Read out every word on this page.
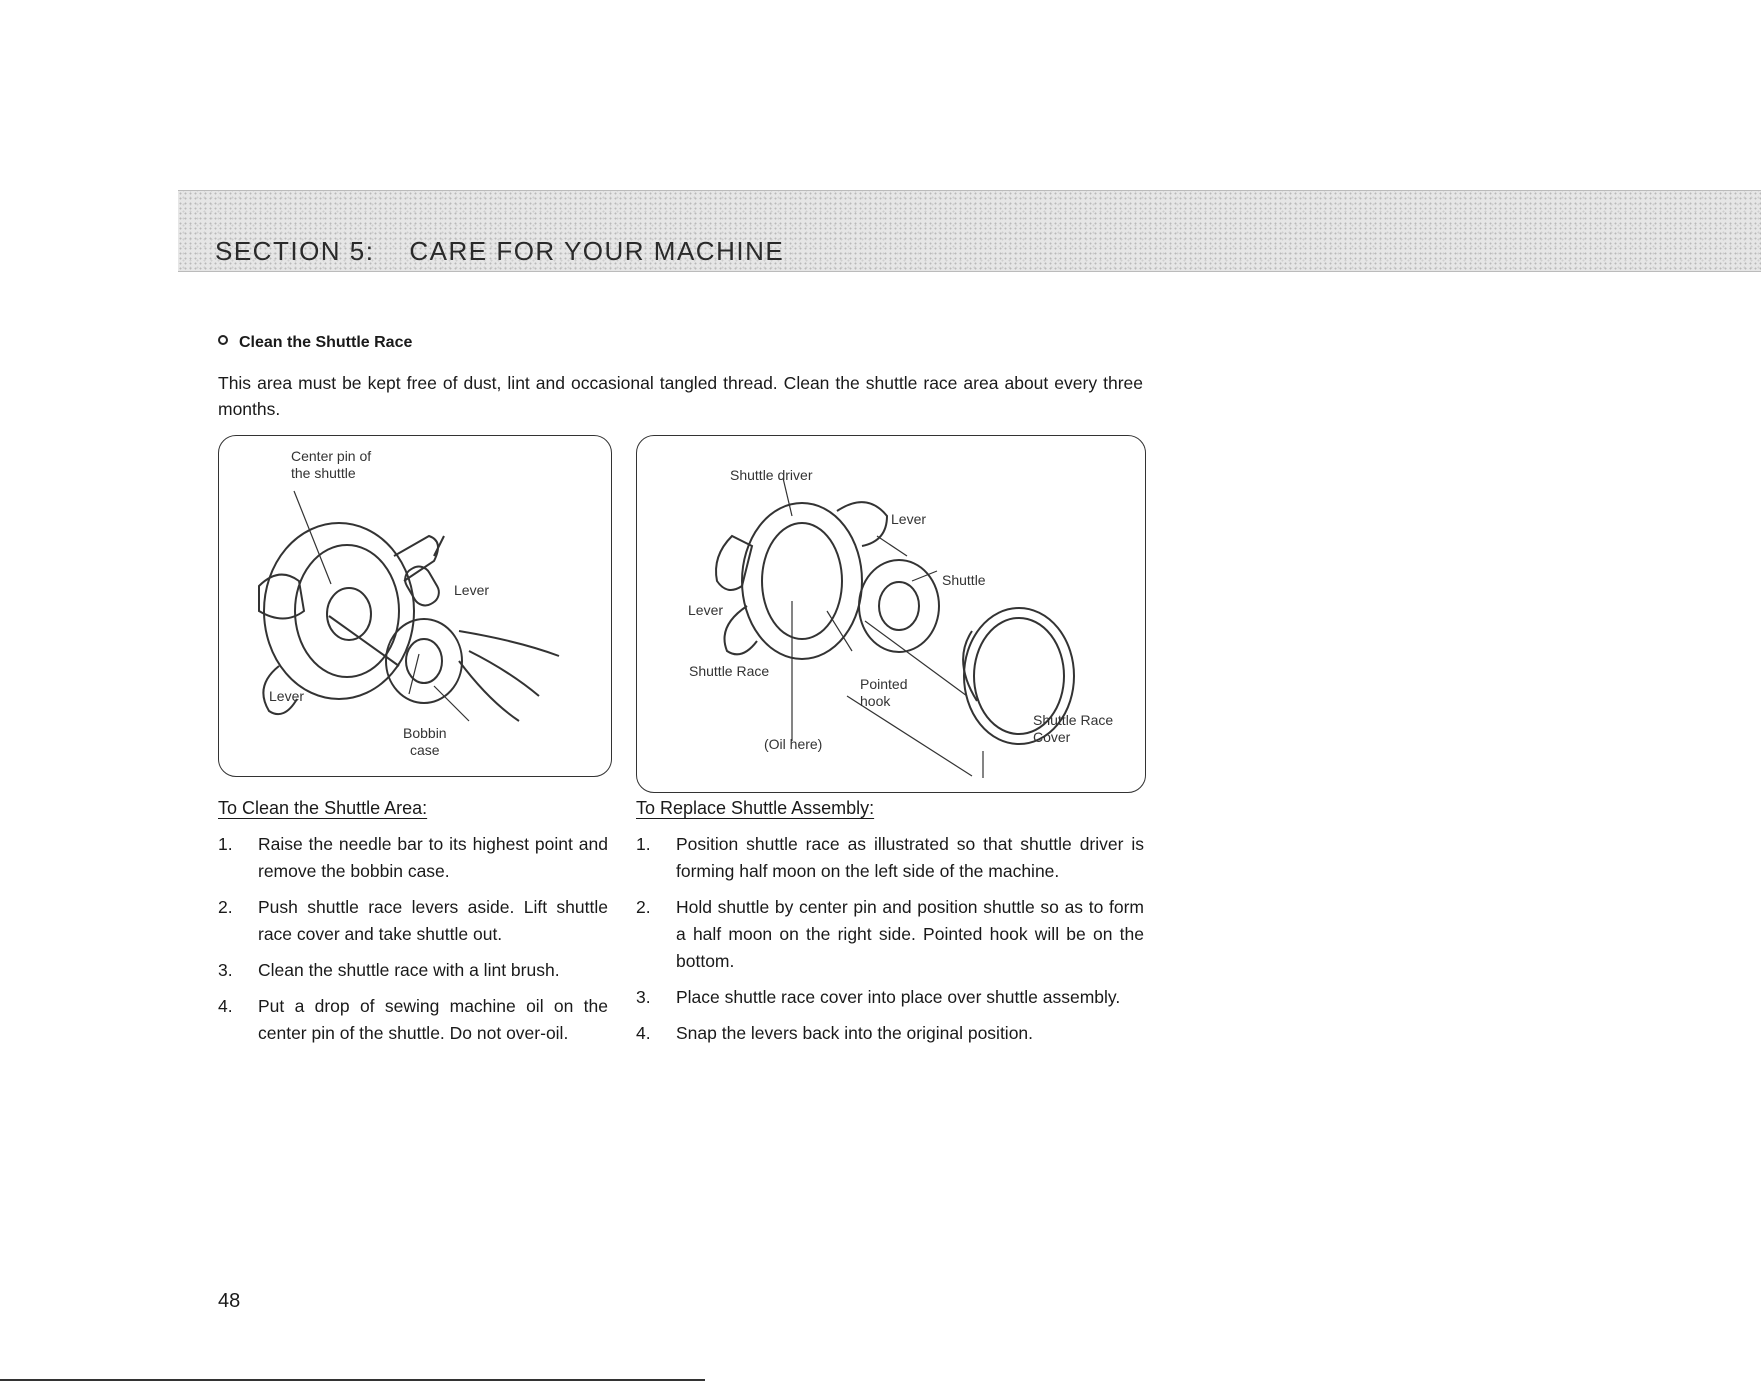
SECTION 5:    CARE FOR YOUR MACHINE
Clean the Shuttle Race

This area must be kept free of dust, lint and occasional tangled thread. Clean the shuttle race area about every three months.

Center pin of
the shuttle
Lever
Lever
Bobbin
case
Shuttle driver
Lever
Shuttle
Lever
Shuttle Race
Pointed
hook
Shuttle Race
Cover
(Oil here)
To Clean the Shuttle Area:
1. Raise the needle bar to its highest point and remove the bobbin case.
2. Push shuttle race levers aside. Lift shuttle race cover and take shuttle out.
3. Clean the shuttle race with a lint brush.
4. Put a drop of sewing machine oil on the center pin of the shuttle. Do not over-oil.
To Replace Shuttle Assembly:
1. Position shuttle race as illustrated so that shuttle driver is forming half moon on the left side of the machine.
2. Hold shuttle by center pin and position shuttle so as to form a half moon on the right side. Pointed hook will be on the bottom.
3. Place shuttle race cover into place over shuttle assembly.
4. Snap the levers back into the original position.
48
